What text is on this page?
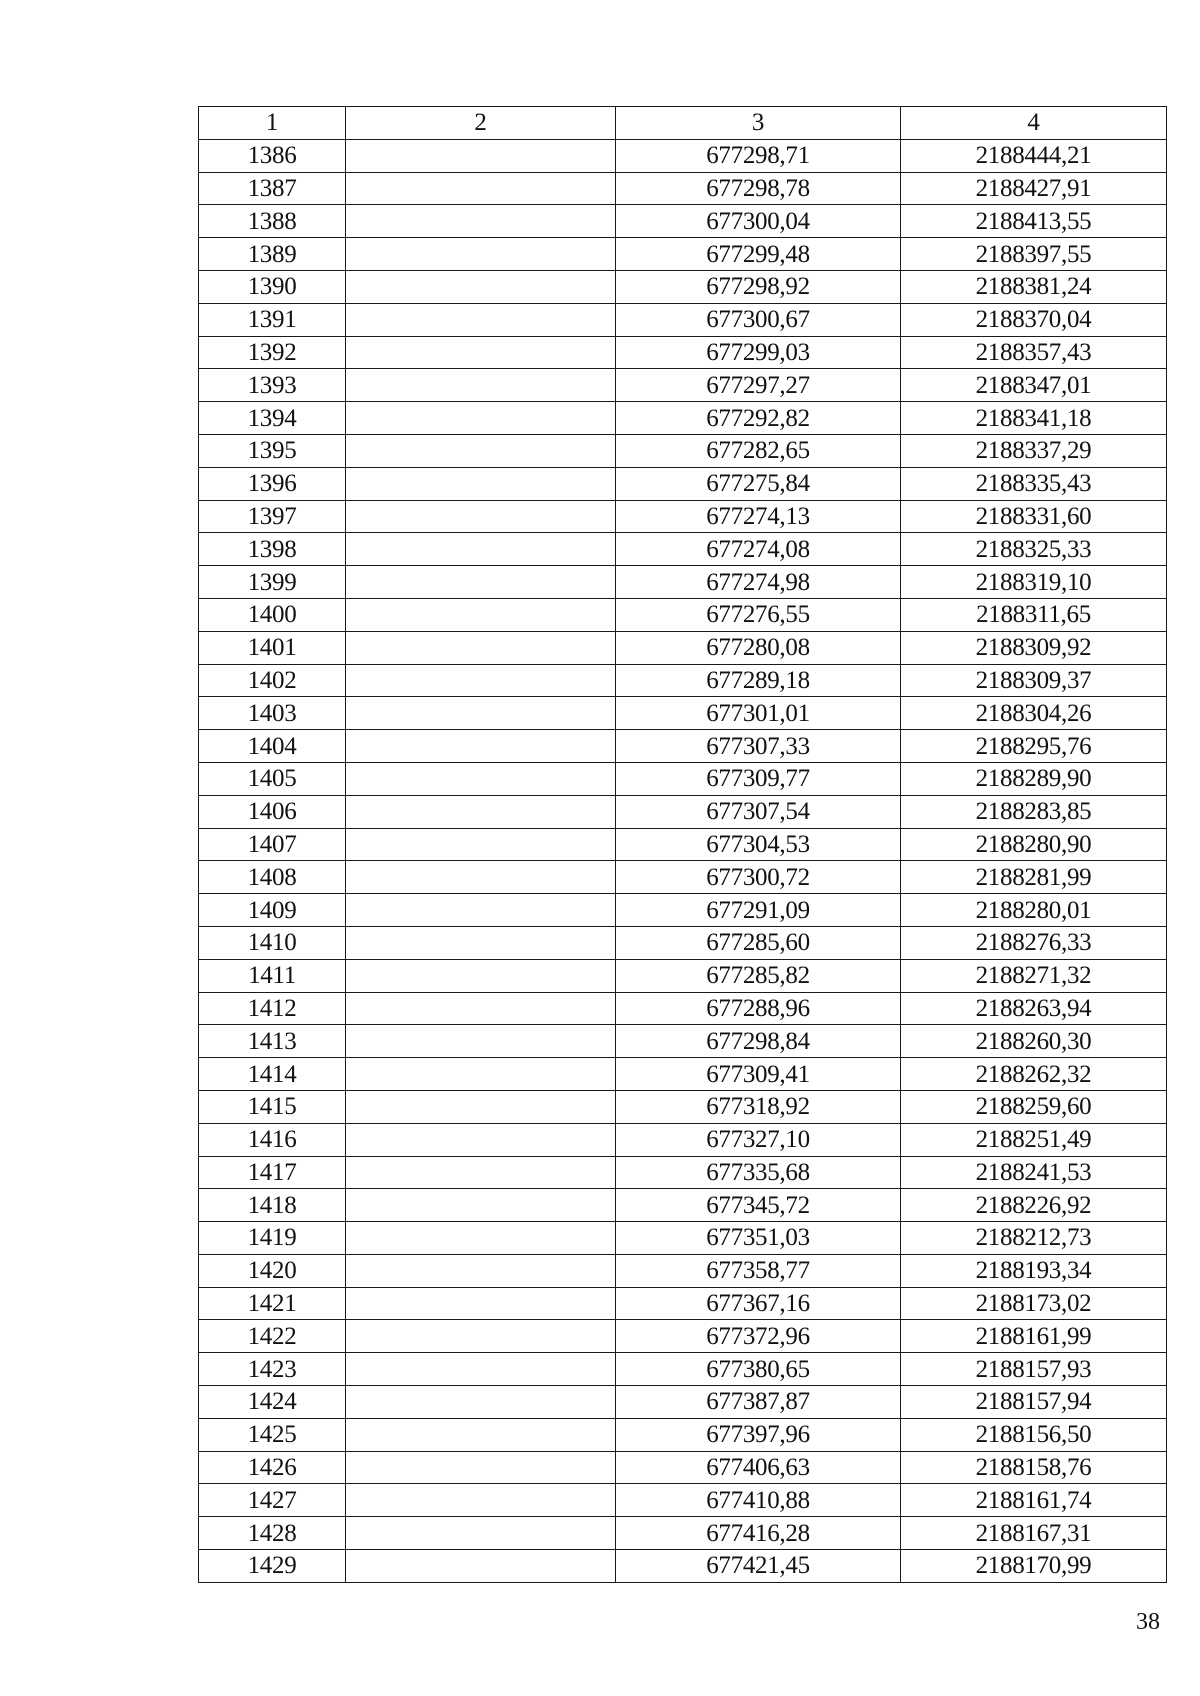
1	2	3	4
1386		677298,71	2188444,21
1387		677298,78	2188427,91
1388		677300,04	2188413,55
1389		677299,48	2188397,55
1390		677298,92	2188381,24
1391		677300,67	2188370,04
1392		677299,03	2188357,43
1393		677297,27	2188347,01
1394		677292,82	2188341,18
1395		677282,65	2188337,29
1396		677275,84	2188335,43
1397		677274,13	2188331,60
1398		677274,08	2188325,33
1399		677274,98	2188319,10
1400		677276,55	2188311,65
1401		677280,08	2188309,92
1402		677289,18	2188309,37
1403		677301,01	2188304,26
1404		677307,33	2188295,76
1405		677309,77	2188289,90
1406		677307,54	2188283,85
1407		677304,53	2188280,90
1408		677300,72	2188281,99
1409		677291,09	2188280,01
1410		677285,60	2188276,33
1411		677285,82	2188271,32
1412		677288,96	2188263,94
1413		677298,84	2188260,30
1414		677309,41	2188262,32
1415		677318,92	2188259,60
1416		677327,10	2188251,49
1417		677335,68	2188241,53
1418		677345,72	2188226,92
1419		677351,03	2188212,73
1420		677358,77	2188193,34
1421		677367,16	2188173,02
1422		677372,96	2188161,99
1423		677380,65	2188157,93
1424		677387,87	2188157,94
1425		677397,96	2188156,50
1426		677406,63	2188158,76
1427		677410,88	2188161,74
1428		677416,28	2188167,31
1429		677421,45	2188170,99
38
